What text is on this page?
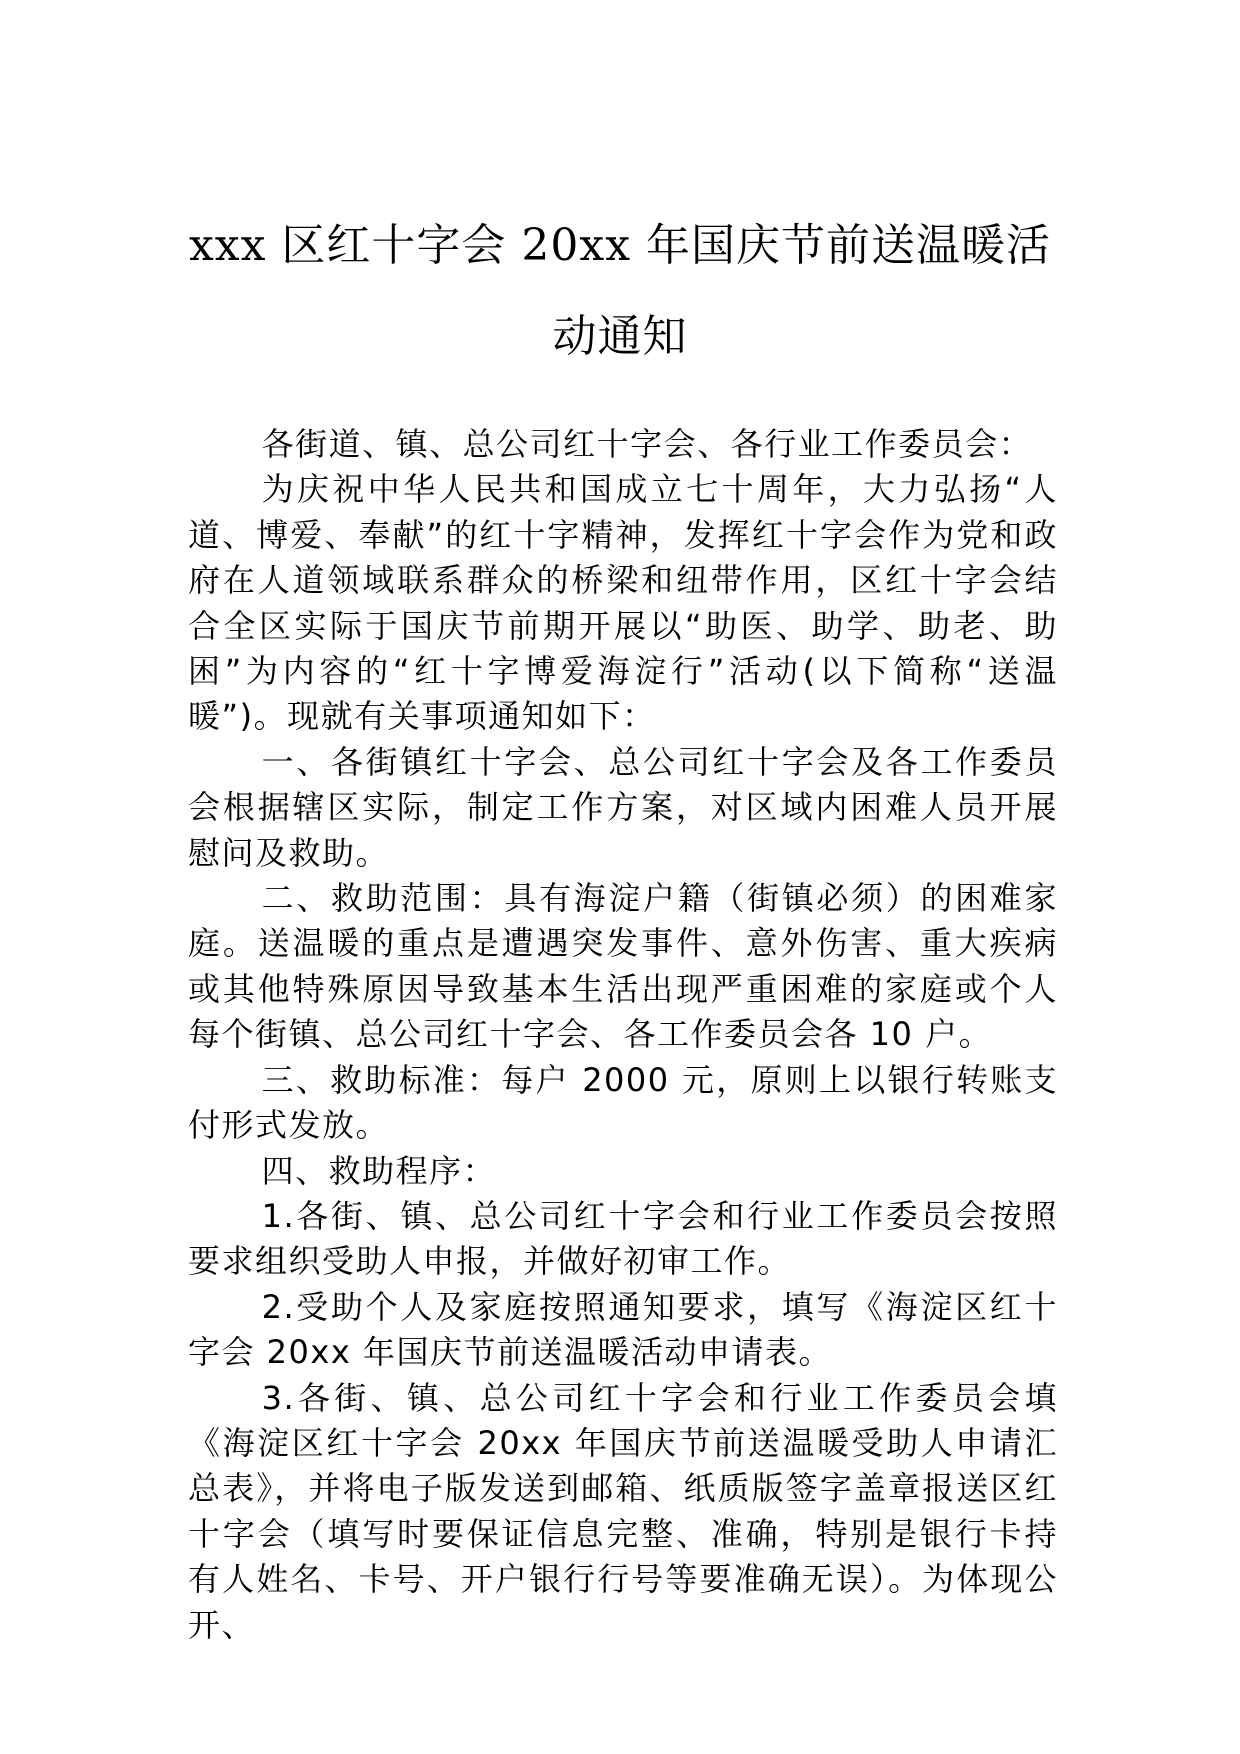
xxx 区红十字会 20xx 年国庆节前送温暖活
动通知

各街道、镇、总公司红十字会、各行业工作委员会：

为庆祝中华人民共和国成立七十周年，大力弘扬“人道、博爱、奉献”的红十字精神，发挥红十字会作为党和政府在人道领域联系群众的桥梁和纽带作用，区红十字会结合全区实际于国庆节前期开展以“助医、助学、助老、助困”为内容的“红十字博爱海淀行”活动(以下简称“送温暖”)。现就有关事项通知如下：

一、各街镇红十字会、总公司红十字会及各工作委员会根据辖区实际，制定工作方案，对区域内困难人员开展慰问及救助。

二、救助范围：具有海淀户籍（街镇必须）的困难家庭。送温暖的重点是遭遇突发事件、意外伤害、重大疾病或其他特殊原因导致基本生活出现严重困难的家庭或个人每个街镇、总公司红十字会、各工作委员会各 10 户。

三、救助标准：每户 2000 元，原则上以银行转账支付形式发放。

四、救助程序：

1.各街、镇、总公司红十字会和行业工作委员会按照要求组织受助人申报，并做好初审工作。

2.受助个人及家庭按照通知要求，填写《海淀区红十字会 20xx 年国庆节前送温暖活动申请表。

3.各街、镇、总公司红十字会和行业工作委员会填《海淀区红十字会 20xx 年国庆节前送温暖受助人申请汇总表》，并将电子版发送到邮箱、纸质版签字盖章报送区红十字会（填写时要保证信息完整、准确，特别是银行卡持有人姓名、卡号、开户银行行号等要准确无误）。为体现公开、
